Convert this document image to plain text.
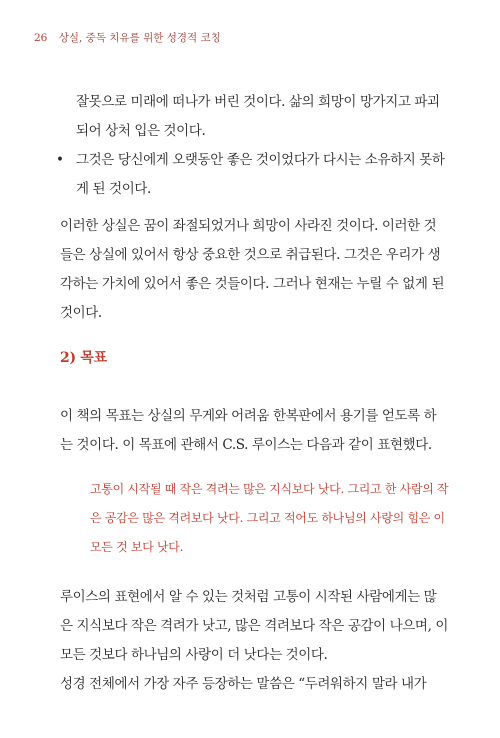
26 상실, 중독 치유를 위한 성경적 코칭
잘못으로 미래에 떠나가 버린 것이다. 삶의 희망이 망가지고 파괴
되어 상처 입은 것이다.
• 그것은 당신에게 오랫동안 좋은 것이었다가 다시는 소유하지 못하
게 된 것이다.
이러한 상실은 꿈이 좌절되었거나 희망이 사라진 것이다. 이러한 것
들은 상실에 있어서 항상 중요한 것으로 취급된다. 그것은 우리가 생
각하는 가치에 있어서 좋은 것들이다. 그러나 현재는 누릴 수 없게 된
것이다.
2) 목표
이 책의 목표는 상실의 무게와 어려움 한복판에서 용기를 얻도록 하
는 것이다. 이 목표에 관해서 C.S. 루이스는 다음과 같이 표현했다.
고통이 시작될 때 작은 격려는 많은 지식보다 낫다. 그리고 한 사람의 작
은 공감은 많은 격려보다 낫다. 그리고 적어도 하나님의 사랑의 힘은 이
모든 것 보다 낫다.
루이스의 표현에서 알 수 있는 것처럼 고통이 시작된 사람에게는 많
은 지식보다 작은 격려가 낫고, 많은 격려보다 작은 공감이 나으며, 이
모든 것보다 하나님의 사랑이 더 낫다는 것이다.
성경 전체에서 가장 자주 등장하는 말씀은 “두려워하지 말라 내가
